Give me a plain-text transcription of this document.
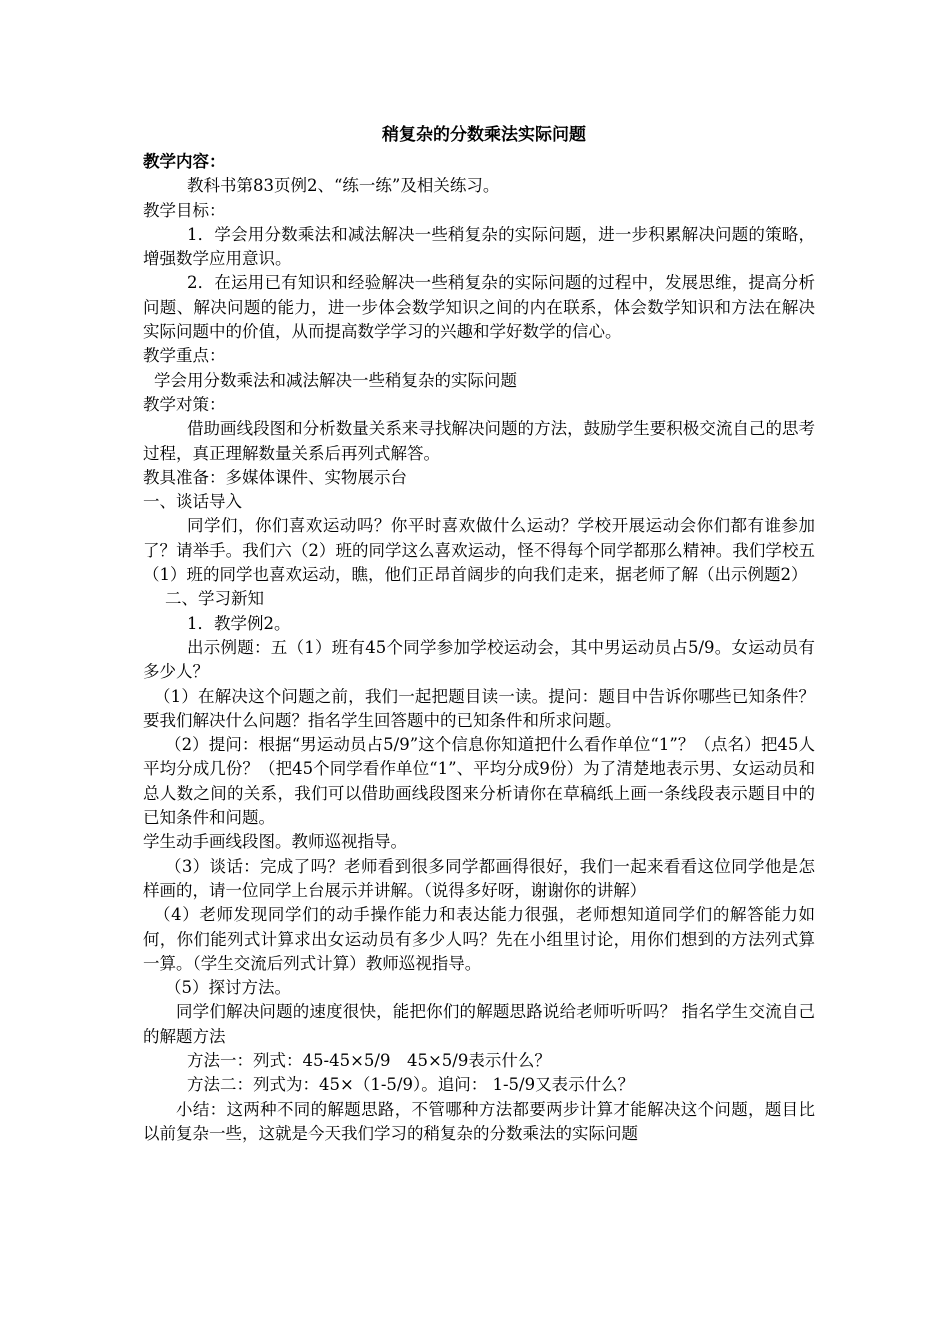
稍复杂的分数乘法实际问题

教学内容：

教科书第83页例2、“练一练”及相关练习。

教学目标：

1．学会用分数乘法和减法解决一些稍复杂的实际问题，进一步积累解决问题的策略，增强数学应用意识。

2．在运用已有知识和经验解决一些稍复杂的实际问题的过程中，发展思维，提高分析问题、解决问题的能力，进一步体会数学知识之间的内在联系，体会数学知识和方法在解决实际问题中的价值，从而提高数学学习的兴趣和学好数学的信心。

教学重点：

学会用分数乘法和减法解决一些稍复杂的实际问题

教学对策：

借助画线段图和分析数量关系来寻找解决问题的方法，鼓励学生要积极交流自己的思考过程，真正理解数量关系后再列式解答。

教具准备：多媒体课件、实物展示台

一、谈话导入

同学们，你们喜欢运动吗？你平时喜欢做什么运动？学校开展运动会你们都有谁参加了？请举手。我们六（2）班的同学这么喜欢运动，怪不得每个同学都那么精神。我们学校五（1）班的同学也喜欢运动，瞧，他们正昂首阔步的向我们走来，据老师了解（出示例题2）

二、学习新知

1．教学例2。

出示例题：五（1）班有45个同学参加学校运动会，其中男运动员占5/9。女运动员有多少人？

（1）在解决这个问题之前，我们一起把题目读一读。提问：题目中告诉你哪些已知条件？要我们解决什么问题？指名学生回答题中的已知条件和所求问题。

（2）提问：根据“男运动员占5/9”这个信息你知道把什么看作单位“1”？（点名）把45人平均分成几份？（把45个同学看作单位“1”、平均分成9份）为了清楚地表示男、女运动员和总人数之间的关系，我们可以借助画线段图来分析请你在草稿纸上画一条线段表示题目中的已知条件和问题。

学生动手画线段图。教师巡视指导。

（3）谈话：完成了吗？老师看到很多同学都画得很好，我们一起来看看这位同学他是怎样画的，请一位同学上台展示并讲解。（说得多好呀，谢谢你的讲解）

（4）老师发现同学们的动手操作能力和表达能力很强，老师想知道同学们的解答能力如何，你们能列式计算求出女运动员有多少人吗？先在小组里讨论，用你们想到的方法列式算一算。（学生交流后列式计算）教师巡视指导。

（5）探讨方法。

同学们解决问题的速度很快，能把你们的解题思路说给老师听听吗？ 指名学生交流自己的解题方法

方法一：列式：45-45×5/9　45×5/9表示什么？

方法二：列式为：45×（1-5/9）。追问： 1-5/9又表示什么？

小结：这两种不同的解题思路，不管哪种方法都要两步计算才能解决这个问题，题目比以前复杂一些，这就是今天我们学习的稍复杂的分数乘法的实际问题
